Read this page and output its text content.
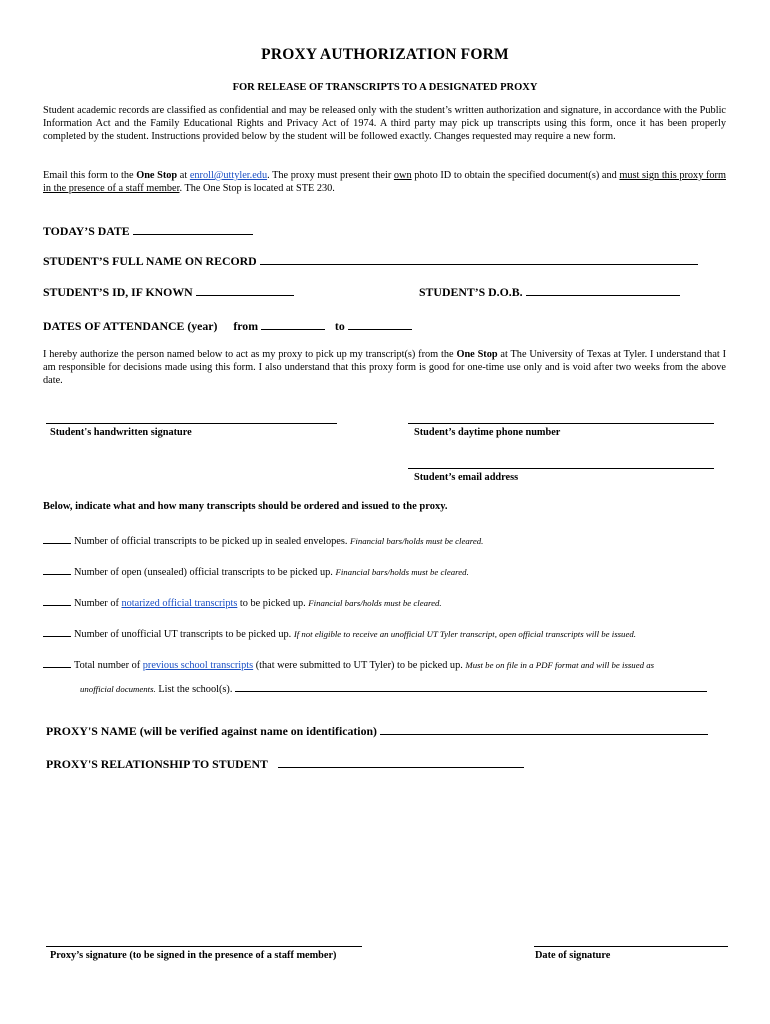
PROXY AUTHORIZATION FORM
FOR RELEASE OF TRANSCRIPTS TO A DESIGNATED PROXY
Student academic records are classified as confidential and may be released only with the student’s written authorization and signature, in accordance with the Public Information Act and the Family Educational Rights and Privacy Act of 1974. A third party may pick up transcripts using this form, once it has been properly completed by the student. Instructions provided below by the student will be followed exactly. Changes requested may require a new form.
Email this form to the One Stop at enroll@uttyler.edu. The proxy must present their own photo ID to obtain the specified document(s) and must sign this proxy form in the presence of a staff member. The One Stop is located at STE 230.
TODAY’S DATE
STUDENT’S FULL NAME ON RECORD
STUDENT’S ID, IF KNOWN	STUDENT’S D.O.B.
DATES OF ATTENDANCE (year) from	to
I hereby authorize the person named below to act as my proxy to pick up my transcript(s) from the One Stop at The University of Texas at Tyler. I understand that I am responsible for decisions made using this form. I also understand that this proxy form is good for one-time use only and is void after two weeks from the above date.
Student's handwritten signature	Student’s daytime phone number
Student’s email address
Below, indicate what and how many transcripts should be ordered and issued to the proxy.
Number of official transcripts to be picked up in sealed envelopes. Financial bars/holds must be cleared.
Number of open (unsealed) official transcripts to be picked up. Financial bars/holds must be cleared.
Number of notarized official transcripts to be picked up. Financial bars/holds must be cleared.
Number of unofficial UT transcripts to be picked up. If not eligible to receive an unofficial UT Tyler transcript, open official transcripts will be issued.
Total number of previous school transcripts (that were submitted to UT Tyler) to be picked up. Must be on file in a PDF format and will be issued as
unofficial documents. List the school(s).
PROXY'S NAME (will be verified against name on identification)
PROXY'S RELATIONSHIP TO STUDENT
Proxy’s signature (to be signed in the presence of a staff member)	Date of signature
